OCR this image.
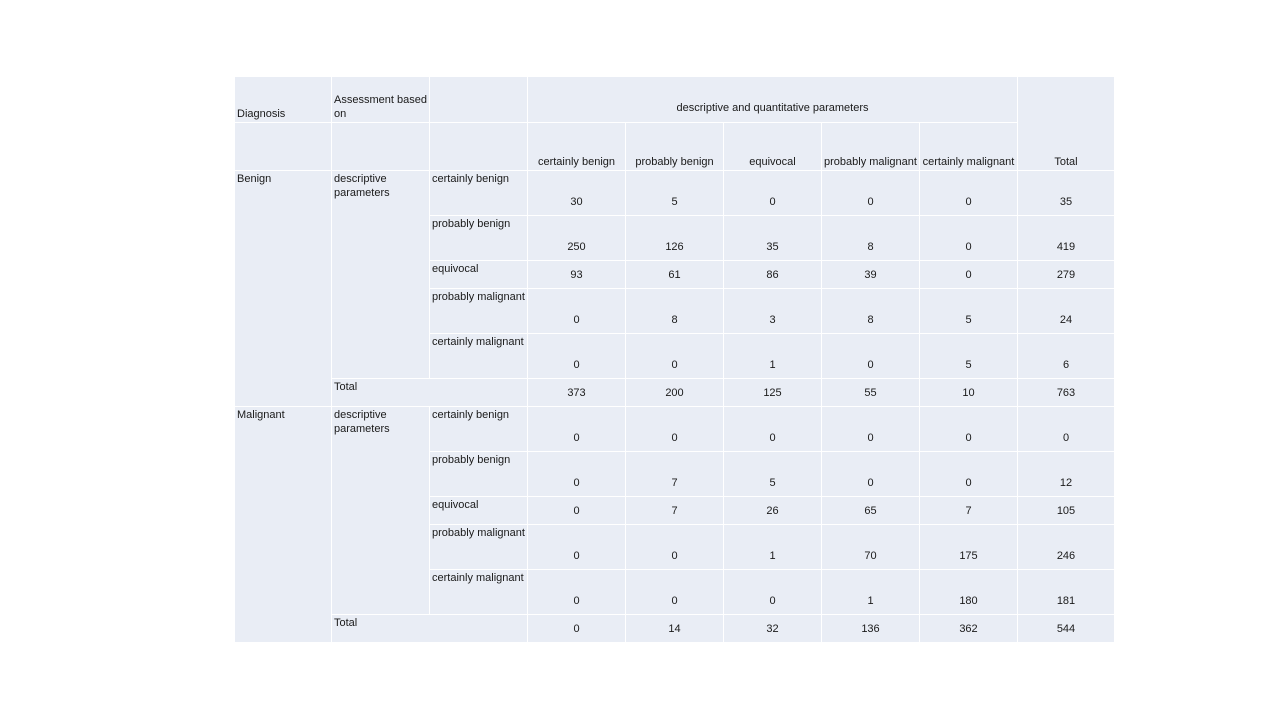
Diagnosis	Assessment based on		descriptive and quantitative parameters					Total
			certainly benign	probably benign	equivocal	probably malignant	certainly malignant	
Benign	descriptive parameters	certainly benign	30	5	0	0	0	35
		probably benign	250	126	35	8	0	419
		equivocal	93	61	86	39	0	279
		probably malignant	0	8	3	8	5	24
		certainly malignant	0	0	1	0	5	6
	Total		373	200	125	55	10	763
Malignant	descriptive parameters	certainly benign	0	0	0	0	0	0
		probably benign	0	7	5	0	0	12
		equivocal	0	7	26	65	7	105
		probably malignant	0	0	1	70	175	246
		certainly malignant	0	0	0	1	180	181
	Total		0	14	32	136	362	544
